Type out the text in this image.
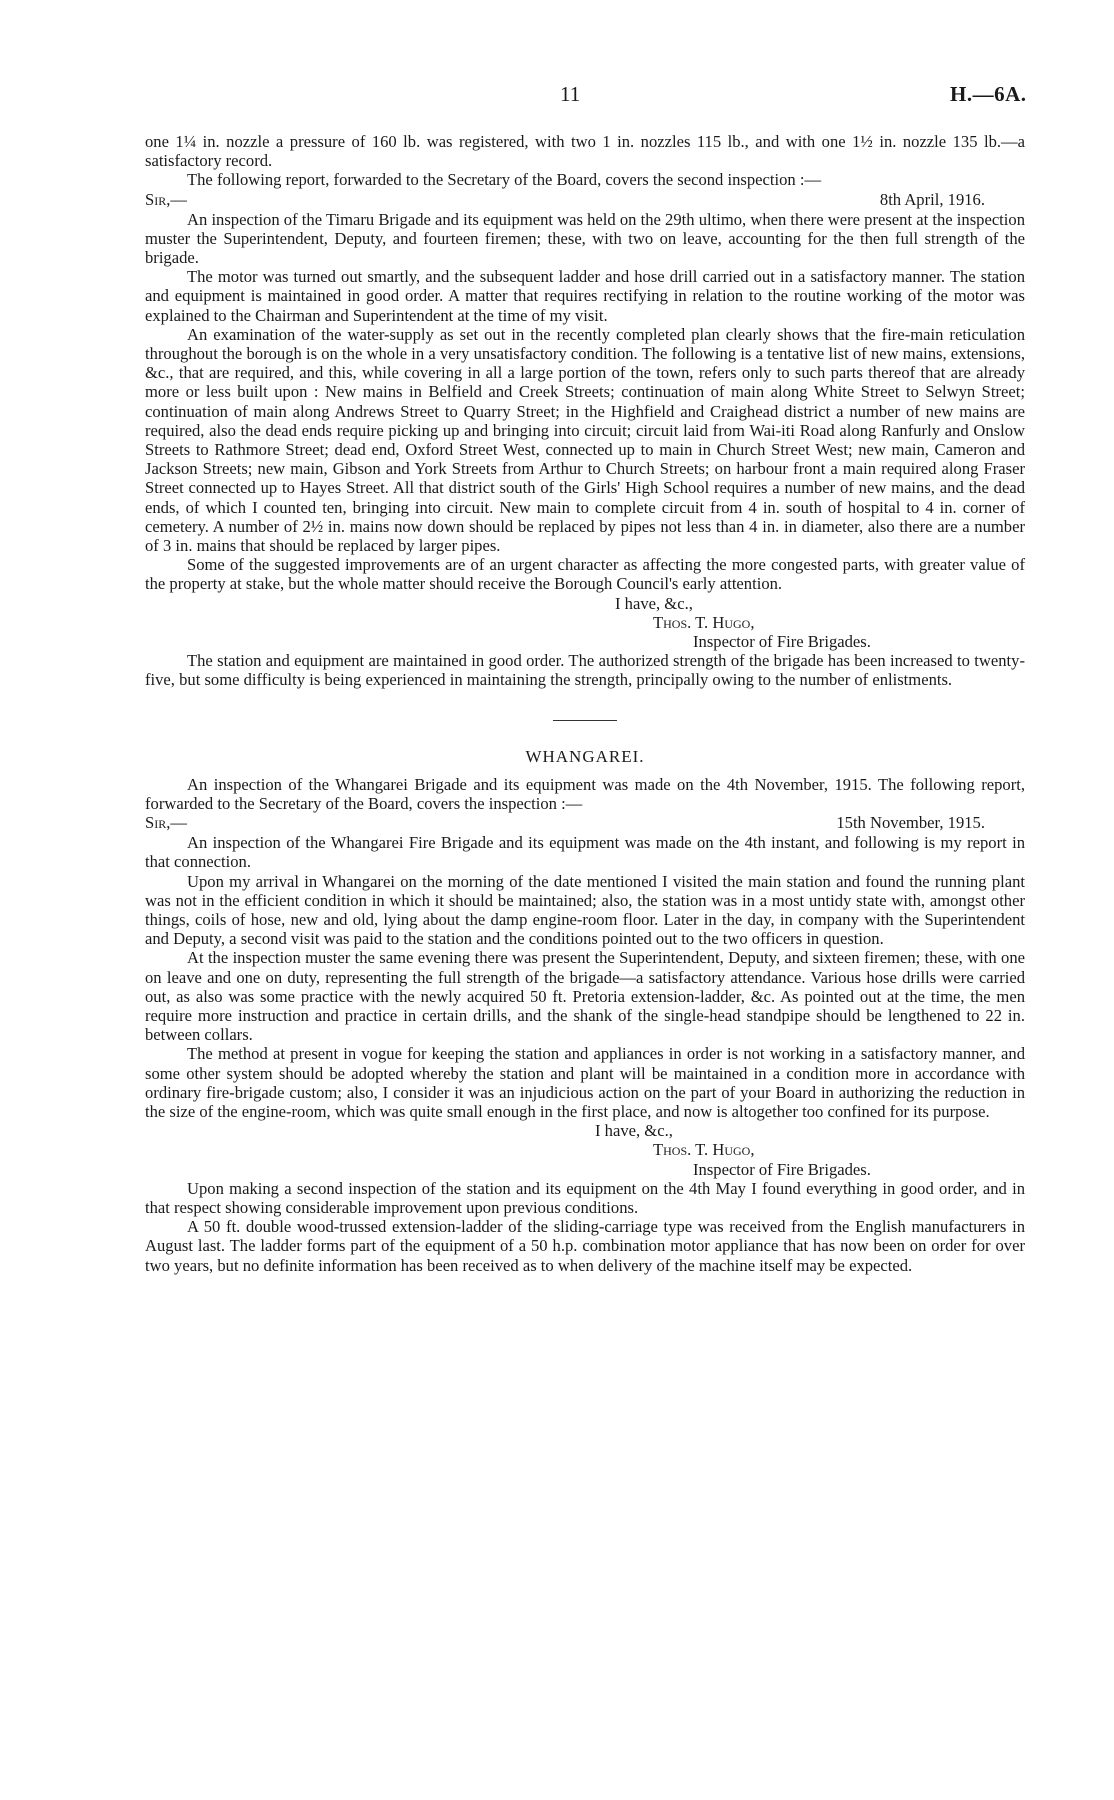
11	H.—6A.

one 1¼ in. nozzle a pressure of 160 lb. was registered, with two 1 in. nozzles 115 lb., and with one 1½ in. nozzle 135 lb.—a satisfactory record.

The following report, forwarded to the Secretary of the Board, covers the second inspection :—

Sir,—	8th April, 1916.

An inspection of the Timaru Brigade and its equipment was held on the 29th ultimo, when there were present at the inspection muster the Superintendent, Deputy, and fourteen firemen; these, with two on leave, accounting for the then full strength of the brigade.

The motor was turned out smartly, and the subsequent ladder and hose drill carried out in a satisfactory manner. The station and equipment is maintained in good order. A matter that requires rectifying in relation to the routine working of the motor was explained to the Chairman and Superintendent at the time of my visit.

An examination of the water-supply as set out in the recently completed plan clearly shows that the fire-main reticulation throughout the borough is on the whole in a very unsatisfactory condition. The following is a tentative list of new mains, extensions, &c., that are required, and this, while covering in all a large portion of the town, refers only to such parts thereof that are already more or less built upon : New mains in Belfield and Creek Streets; continuation of main along White Street to Selwyn Street; continuation of main along Andrews Street to Quarry Street; in the Highfield and Craighead district a number of new mains are required, also the dead ends require picking up and bringing into circuit; circuit laid from Wai-iti Road along Ranfurly and Onslow Streets to Rathmore Street; dead end, Oxford Street West, connected up to main in Church Street West; new main, Cameron and Jackson Streets; new main, Gibson and York Streets from Arthur to Church Streets; on harbour front a main required along Fraser Street connected up to Hayes Street. All that district south of the Girls' High School requires a number of new mains, and the dead ends, of which I counted ten, bringing into circuit. New main to complete circuit from 4 in. south of hospital to 4 in. corner of cemetery. A number of 2½ in. mains now down should be replaced by pipes not less than 4 in. in diameter, also there are a number of 3 in. mains that should be replaced by larger pipes.

Some of the suggested improvements are of an urgent character as affecting the more congested parts, with greater value of the property at stake, but the whole matter should receive the Borough Council's early attention.

I have, &c.,
Thos. T. Hugo,
Inspector of Fire Brigades.

The station and equipment are maintained in good order. The authorized strength of the brigade has been increased to twenty-five, but some difficulty is being experienced in maintaining the strength, principally owing to the number of enlistments.

WHANGAREI.

An inspection of the Whangarei Brigade and its equipment was made on the 4th November, 1915. The following report, forwarded to the Secretary of the Board, covers the inspection :—

Sir,—	15th November, 1915.

An inspection of the Whangarei Fire Brigade and its equipment was made on the 4th instant, and following is my report in that connection.

Upon my arrival in Whangarei on the morning of the date mentioned I visited the main station and found the running plant was not in the efficient condition in which it should be maintained; also, the station was in a most untidy state with, amongst other things, coils of hose, new and old, lying about the damp engine-room floor. Later in the day, in company with the Superintendent and Deputy, a second visit was paid to the station and the conditions pointed out to the two officers in question.

At the inspection muster the same evening there was present the Superintendent, Deputy, and sixteen firemen; these, with one on leave and one on duty, representing the full strength of the brigade—a satisfactory attendance. Various hose drills were carried out, as also was some practice with the newly acquired 50 ft. Pretoria extension-ladder, &c. As pointed out at the time, the men require more instruction and practice in certain drills, and the shank of the single-head standpipe should be lengthened to 22 in. between collars.

The method at present in vogue for keeping the station and appliances in order is not working in a satisfactory manner, and some other system should be adopted whereby the station and plant will be maintained in a condition more in accordance with ordinary fire-brigade custom; also, I consider it was an injudicious action on the part of your Board in authorizing the reduction in the size of the engine-room, which was quite small enough in the first place, and now is altogether too confined for its purpose.

I have, &c.,
Thos. T. Hugo,
Inspector of Fire Brigades.

Upon making a second inspection of the station and its equipment on the 4th May I found everything in good order, and in that respect showing considerable improvement upon previous conditions.

A 50 ft. double wood-trussed extension-ladder of the sliding-carriage type was received from the English manufacturers in August last. The ladder forms part of the equipment of a 50 h.p. combination motor appliance that has now been on order for over two years, but no definite information has been received as to when delivery of the machine itself may be expected.
